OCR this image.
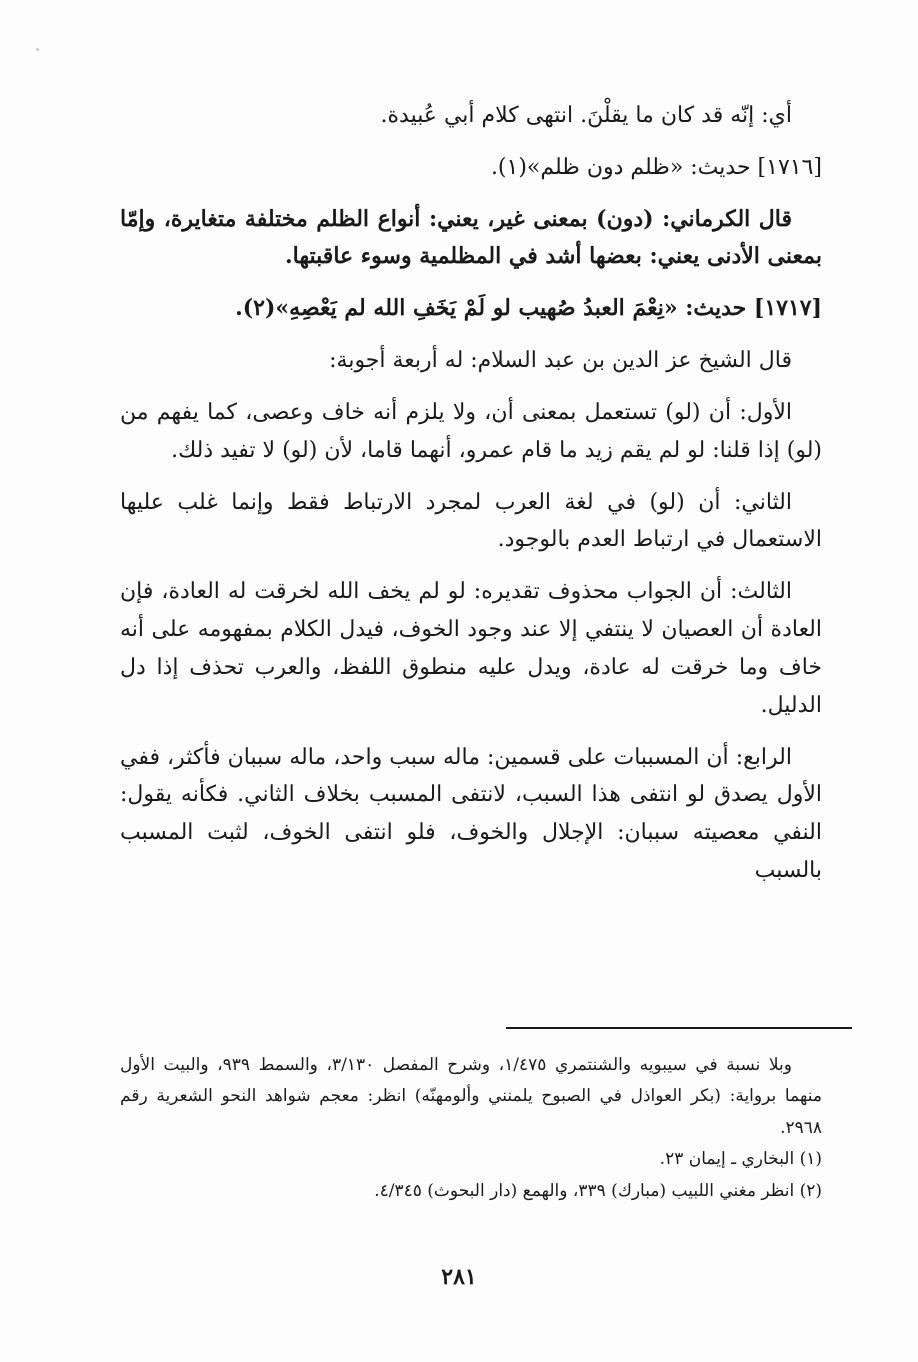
أي: إنّه قد كان ما يقلْنَ. انتهى كلام أبي عُبيدة.

[١٧١٦] حديث: «ظلم دون ظلم»(١).

قال الكرماني: (دون) بمعنى غير، يعني: أنواع الظلم مختلفة متغايرة، وإمّا بمعنى الأدنى يعني: بعضها أشد في المظلمية وسوء عاقبتها.

[١٧١٧] حديث: «نِعْمَ العبدُ صُهيب لو لَمْ يَخَفِ الله لم يَعْصِهِ»(٢).

قال الشيخ عز الدين بن عبد السلام: له أربعة أجوبة:

الأول: أن (لو) تستعمل بمعنى أن، ولا يلزم أنه خاف وعصى، كما يفهم من (لو) إذا قلنا: لو لم يقم زيد ما قام عمرو، أنهما قاما، لأن (لو) لا تفيد ذلك.

الثاني: أن (لو) في لغة العرب لمجرد الارتباط فقط وإنما غلب عليها الاستعمال في ارتباط العدم بالوجود.

الثالث: أن الجواب محذوف تقديره: لو لم يخف الله لخرقت له العادة، فإن العادة أن العصيان لا ينتفي إلا عند وجود الخوف، فيدل الكلام بمفهومه على أنه خاف وما خرقت له عادة، ويدل عليه منطوق اللفظ، والعرب تحذف إذا دل الدليل.

الرابع: أن المسببات على قسمين: ماله سبب واحد، ماله سببان فأكثر، ففي الأول يصدق لو انتفى هذا السبب، لانتفى المسبب بخلاف الثاني. فكأنه يقول: النفي معصيته سببان: الإجلال والخوف، فلو انتفى الخوف، لثبت المسبب بالسبب

وبلا نسبة في سيبويه والشنتمري ١/٤٧٥، وشرح المفصل ٣/١٣٠، والسمط ٩٣٩، والبيت الأول منهما برواية: (بكر العواذل في الصبوح يلمنني وألومهنّه) انظر: معجم شواهد النحو الشعرية رقم ٢٩٦٨.

(١) البخاري ـ إيمان ٢٣.

(٢) انظر مغني اللبيب (مبارك) ٣٣٩، والهمع (دار البحوث) ٤/٣٤٥.

٢٨١
